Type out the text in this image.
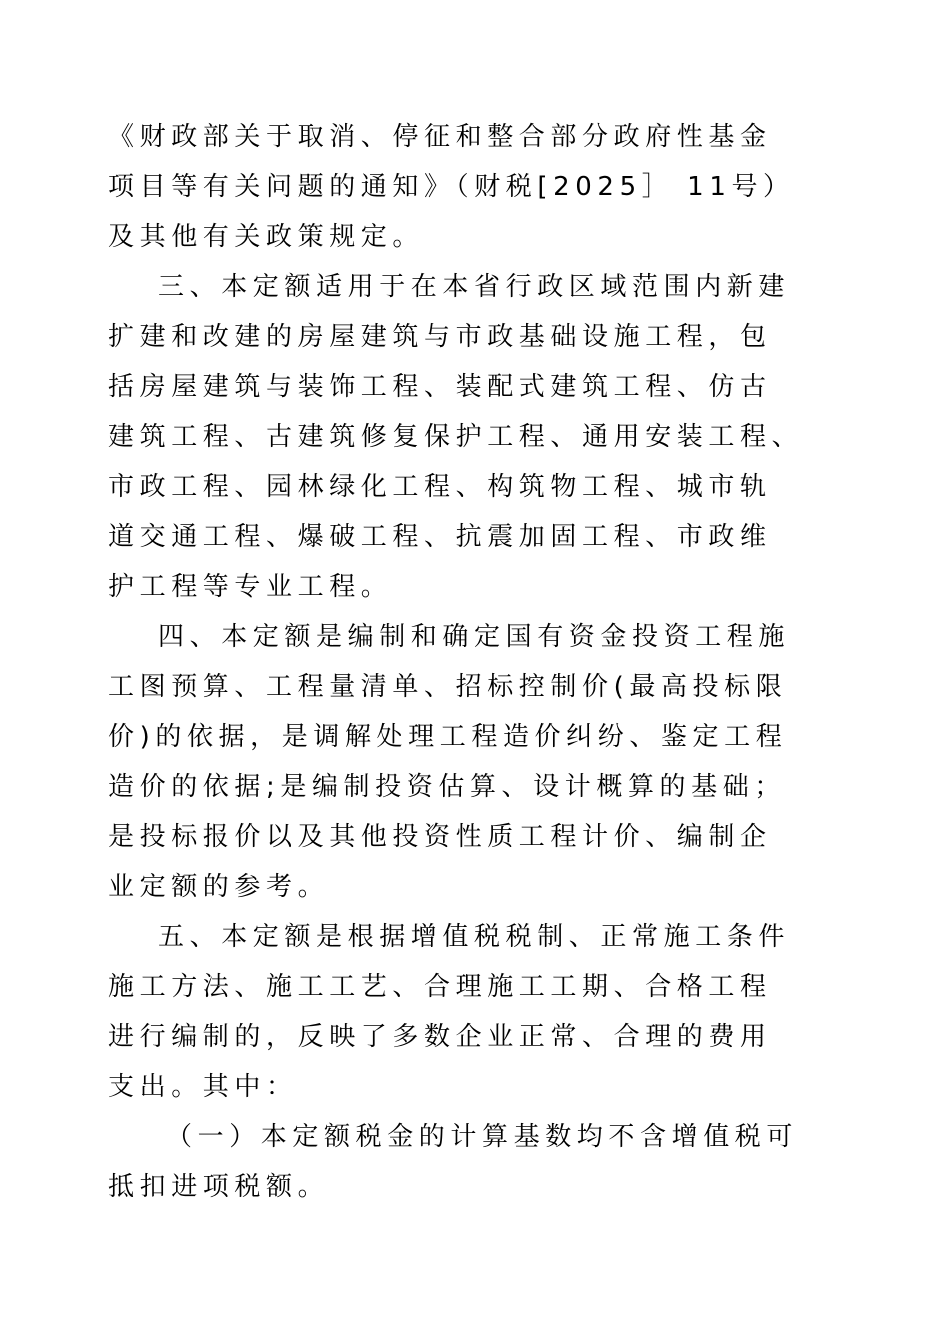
《财政部关于取消、停征和整合部分政府性基金
项目等有关问题的通知》（财税[2025］ 11号）
及其他有关政策规定。
三、本定额适用于在本省行政区域范围内新建
扩建和改建的房屋建筑与市政基础设施工程，包
括房屋建筑与装饰工程、装配式建筑工程、仿古
建筑工程、古建筑修复保护工程、通用安装工程、
市政工程、园林绿化工程、构筑物工程、城市轨
道交通工程、爆破工程、抗震加固工程、市政维
护工程等专业工程。
四、本定额是编制和确定国有资金投资工程施
工图预算、工程量清单、招标控制价(最高投标限
价)的依据，是调解处理工程造价纠纷、鉴定工程
造价的依据;是编制投资估算、设计概算的基础；
是投标报价以及其他投资性质工程计价、编制企
业定额的参考。
五、本定额是根据增值税税制、正常施工条件
施工方法、施工工艺、合理施工工期、合格工程
进行编制的，反映了多数企业正常、合理的费用
支出。其中：
（一）本定额税金的计算基数均不含增值税可
抵扣进项税额。
